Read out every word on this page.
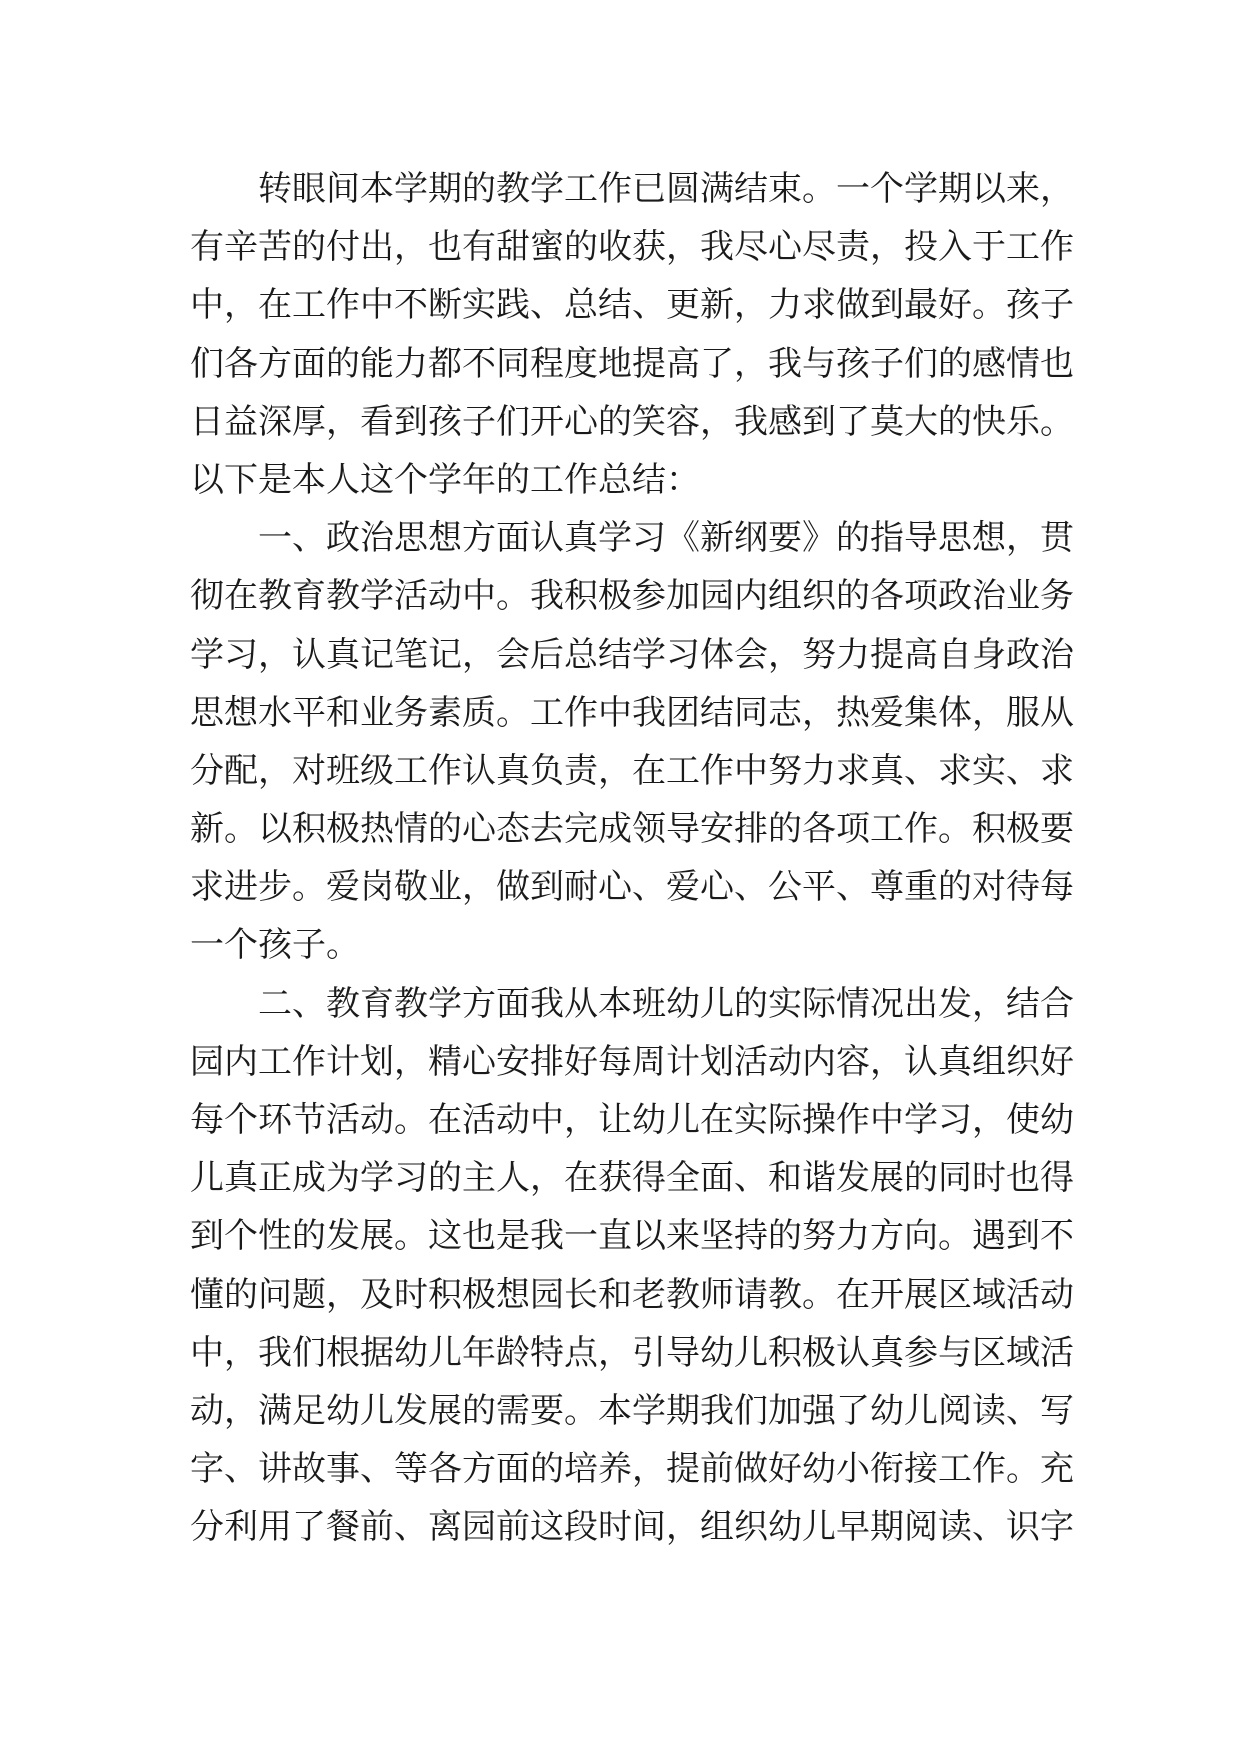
　　转眼间本学期的教学工作已圆满结束。一个学期以来，
有辛苦的付出，也有甜蜜的收获，我尽心尽责，投入于工作
中，在工作中不断实践、总结、更新，力求做到最好。孩子
们各方面的能力都不同程度地提高了，我与孩子们的感情也
日益深厚，看到孩子们开心的笑容，我感到了莫大的快乐。
以下是本人这个学年的工作总结：
　　一、政治思想方面认真学习《新纲要》的指导思想，贯
彻在教育教学活动中。我积极参加园内组织的各项政治业务
学习，认真记笔记，会后总结学习体会，努力提高自身政治
思想水平和业务素质。工作中我团结同志，热爱集体，服从
分配，对班级工作认真负责，在工作中努力求真、求实、求
新。以积极热情的心态去完成领导安排的各项工作。积极要
求进步。爱岗敬业，做到耐心、爱心、公平、尊重的对待每
一个孩子。
　　二、教育教学方面我从本班幼儿的实际情况出发，结合
园内工作计划，精心安排好每周计划活动内容，认真组织好
每个环节活动。在活动中，让幼儿在实际操作中学习，使幼
儿真正成为学习的主人，在获得全面、和谐发展的同时也得
到个性的发展。这也是我一直以来坚持的努力方向。遇到不
懂的问题，及时积极想园长和老教师请教。在开展区域活动
中，我们根据幼儿年龄特点，引导幼儿积极认真参与区域活
动，满足幼儿发展的需要。本学期我们加强了幼儿阅读、写
字、讲故事、等各方面的培养，提前做好幼小衔接工作。充
分利用了餐前、离园前这段时间，组织幼儿早期阅读、识字
